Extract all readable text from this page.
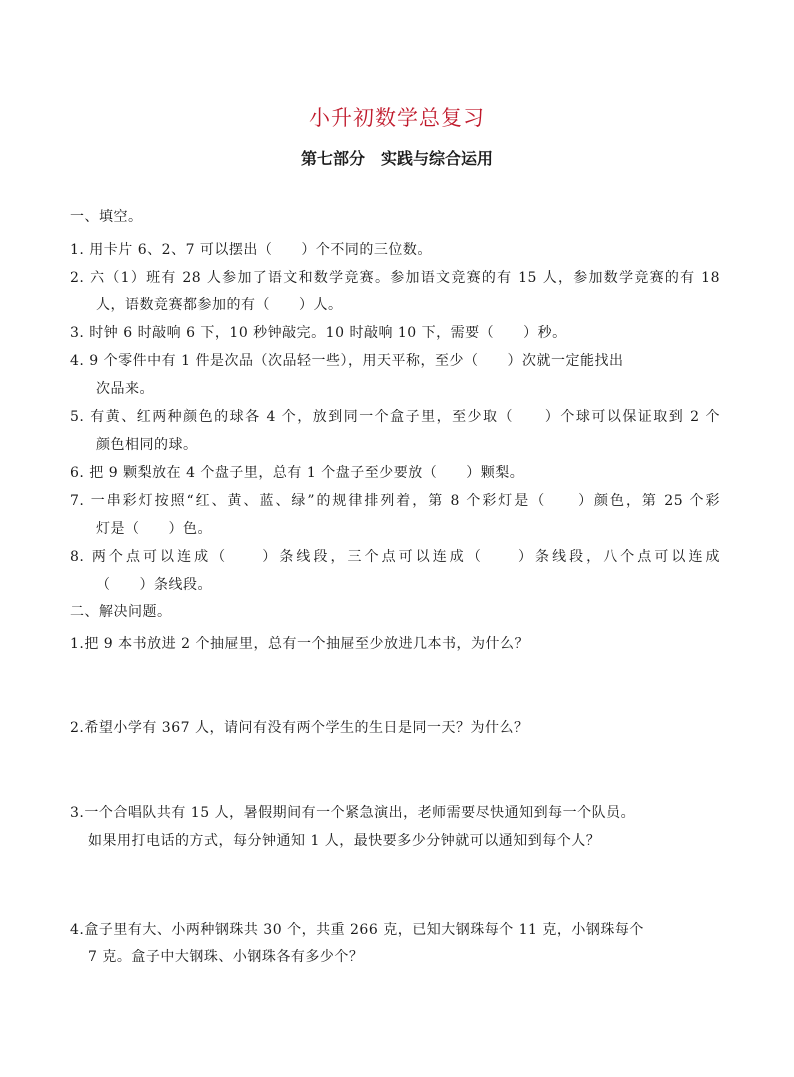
小升初数学总复习
第七部分　实践与综合运用
一、填空。
1. 用卡片 6、2、7 可以摆出（　　）个不同的三位数。
2. 六（1）班有 28 人参加了语文和数学竞赛。参加语文竞赛的有 15 人，参加数学竞赛的有 18
人，语数竞赛都参加的有（　　）人。
3. 时钟 6 时敲响 6 下，10 秒钟敲完。10 时敲响 10 下，需要（　　）秒。
4. 9 个零件中有 1 件是次品（次品轻一些），用天平称，至少（　　）次就一定能找出
次品来。
5. 有黄、红两种颜色的球各 4 个，放到同一个盒子里，至少取（　　）个球可以保证取到 2 个
颜色相同的球。
6. 把 9 颗梨放在 4 个盘子里，总有 1 个盘子至少要放（　　）颗梨。
7. 一串彩灯按照“红、黄、蓝、绿”的规律排列着，第 8 个彩灯是（　　）颜色，第 25 个彩
灯是（　　）色。
8. 两个点可以连成（　　）条线段，三个点可以连成（　　）条线段，八个点可以连成
（　　）条线段。
二、解决问题。
1.把 9 本书放进 2 个抽屉里，总有一个抽屉至少放进几本书，为什么？
2.希望小学有 367 人，请问有没有两个学生的生日是同一天？为什么？
3.一个合唱队共有 15 人，暑假期间有一个紧急演出，老师需要尽快通知到每一个队员。
如果用打电话的方式，每分钟通知 1 人，最快要多少分钟就可以通知到每个人？
4.盒子里有大、小两种钢珠共 30 个，共重 266 克，已知大钢珠每个 11 克，小钢珠每个
7 克。盒子中大钢珠、小钢珠各有多少个？
